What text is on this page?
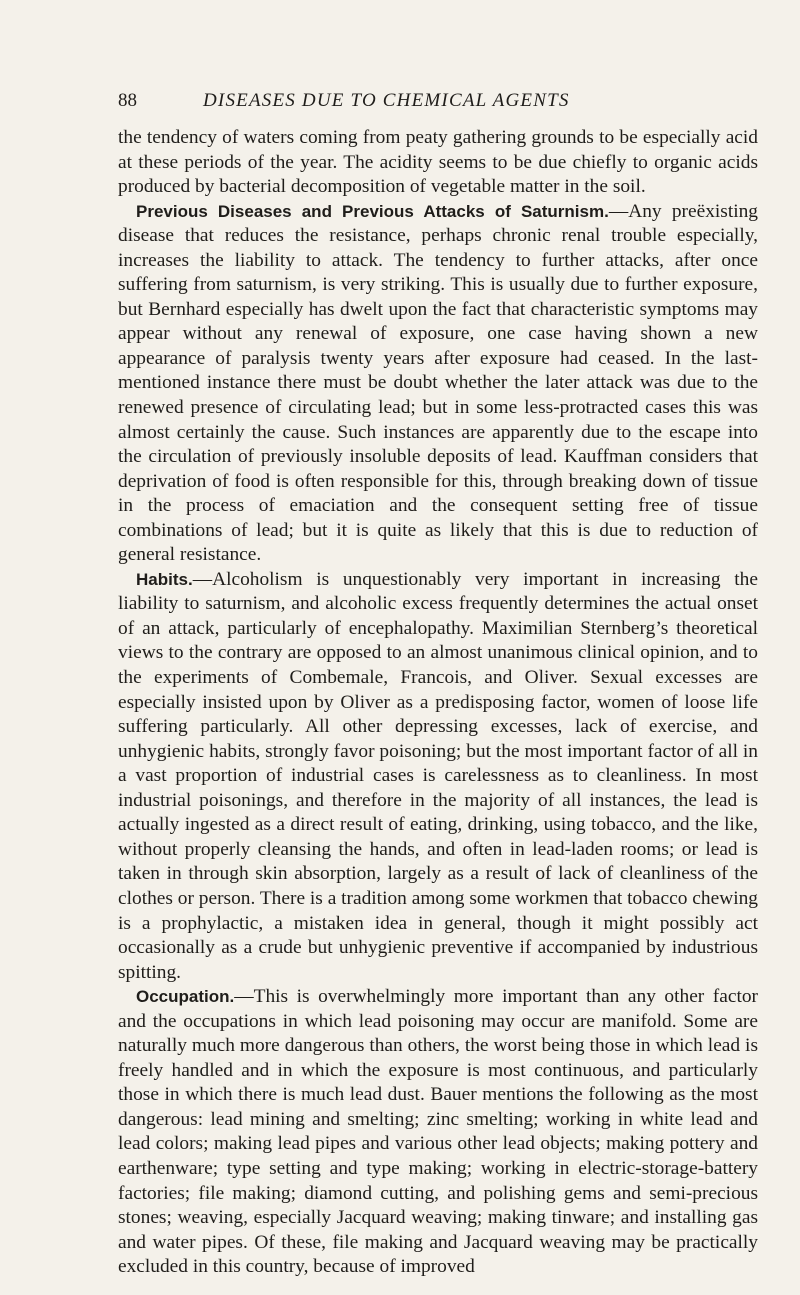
88	DISEASES DUE TO CHEMICAL AGENTS

the tendency of waters coming from peaty gathering grounds to be especially acid at these periods of the year. The acidity seems to be due chiefly to organic acids produced by bacterial decomposition of vegetable matter in the soil.

Previous Diseases and Previous Attacks of Saturnism.—Any preëxisting disease that reduces the resistance, perhaps chronic renal trouble especially, increases the liability to attack. The tendency to further attacks, after once suffering from saturnism, is very striking. This is usually due to further exposure, but Bernhard especially has dwelt upon the fact that characteristic symptoms may appear without any renewal of exposure, one case having shown a new appearance of paralysis twenty years after exposure had ceased. In the last-mentioned instance there must be doubt whether the later attack was due to the renewed presence of circulating lead; but in some less-protracted cases this was almost certainly the cause. Such instances are apparently due to the escape into the circulation of previously insoluble deposits of lead. Kauffman considers that deprivation of food is often responsible for this, through breaking down of tissue in the process of emaciation and the consequent setting free of tissue combinations of lead; but it is quite as likely that this is due to reduction of general resistance.

Habits.—Alcoholism is unquestionably very important in increasing the liability to saturnism, and alcoholic excess frequently determines the actual onset of an attack, particularly of encephalopathy. Maximilian Sternberg’s theoretical views to the contrary are opposed to an almost unanimous clinical opinion, and to the experiments of Combemale, Francois, and Oliver. Sexual excesses are especially insisted upon by Oliver as a predisposing factor, women of loose life suffering particularly. All other depressing excesses, lack of exercise, and unhygienic habits, strongly favor poisoning; but the most important factor of all in a vast proportion of industrial cases is carelessness as to cleanliness. In most industrial poisonings, and therefore in the majority of all instances, the lead is actually ingested as a direct result of eating, drinking, using tobacco, and the like, without properly cleansing the hands, and often in lead-laden rooms; or lead is taken in through skin absorption, largely as a result of lack of cleanliness of the clothes or person. There is a tradition among some workmen that tobacco chewing is a prophylactic, a mistaken idea in general, though it might possibly act occasionally as a crude but unhygienic preventive if accompanied by industrious spitting.

Occupation.—This is overwhelmingly more important than any other factor and the occupations in which lead poisoning may occur are manifold. Some are naturally much more dangerous than others, the worst being those in which lead is freely handled and in which the exposure is most continuous, and particularly those in which there is much lead dust. Bauer mentions the following as the most dangerous: lead mining and smelting; zinc smelting; working in white lead and lead colors; making lead pipes and various other lead objects; making pottery and earthenware; type setting and type making; working in electric-storage-battery factories; file making; diamond cutting, and polishing gems and semi-precious stones; weaving, especially Jacquard weaving; making tinware; and installing gas and water pipes. Of these, file making and Jacquard weaving may be practically excluded in this country, because of improved
